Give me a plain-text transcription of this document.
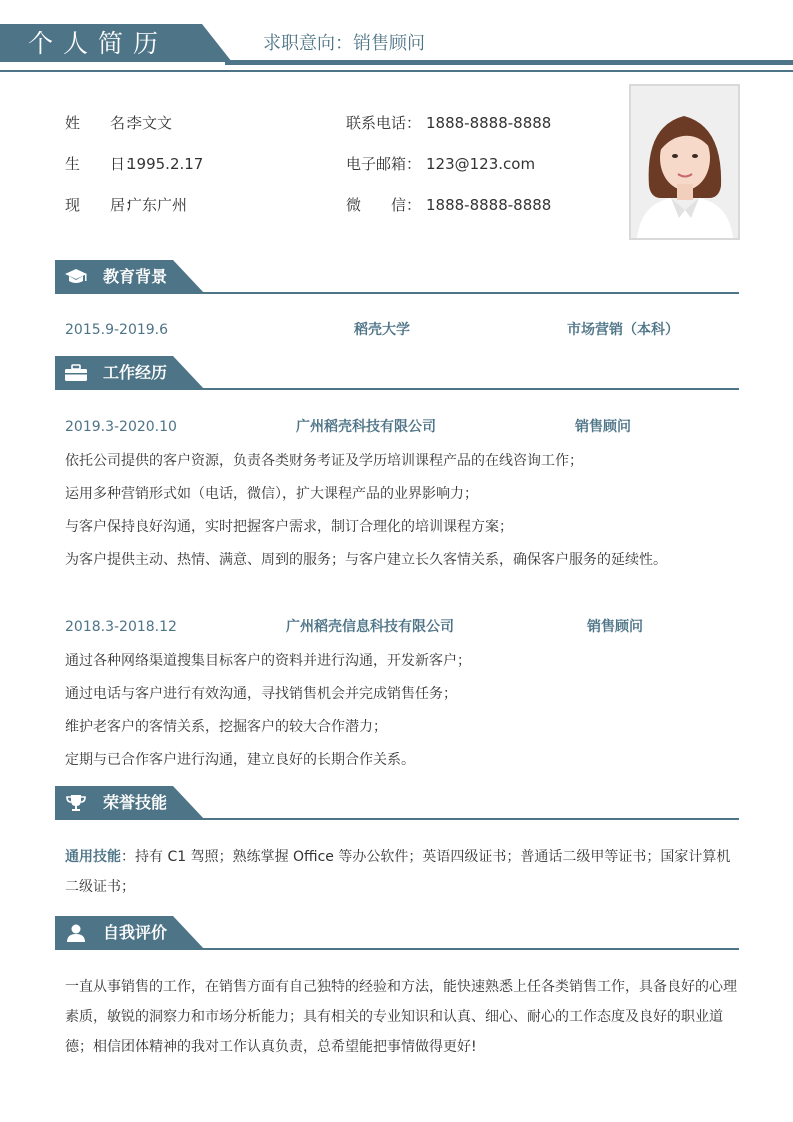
个人简历	求职意向：销售顾问
姓　　名：李文文
生　　日：1995.2.17
现　　居：广东广州
联系电话： 1888-8888-8888
电子邮箱： 123@123.com
微　　信： 1888-8888-8888
教育背景
2015.9-2019.6	稻壳大学	市场营销（本科）
工作经历
2019.3-2020.10	广州稻壳科技有限公司	销售顾问
依托公司提供的客户资源，负责各类财务考证及学历培训课程产品的在线咨询工作；
运用多种营销形式如（电话，微信），扩大课程产品的业界影响力；
与客户保持良好沟通，实时把握客户需求，制订合理化的培训课程方案；
为客户提供主动、热情、满意、周到的服务；与客户建立长久客情关系，确保客户服务的延续性。
2018.3-2018.12	广州稻壳信息科技有限公司	销售顾问
通过各种网络渠道搜集目标客户的资料并进行沟通，开发新客户；
通过电话与客户进行有效沟通，寻找销售机会并完成销售任务；
维护老客户的客情关系，挖掘客户的较大合作潜力；
定期与已合作客户进行沟通，建立良好的长期合作关系。
荣誉技能
通用技能：持有 C1 驾照；熟练掌握 Office 等办公软件；英语四级证书；普通话二级甲等证书；国家计算机二级证书；
自我评价
一直从事销售的工作，在销售方面有自己独特的经验和方法，能快速熟悉上任各类销售工作，具备良好的心理素质，敏锐的洞察力和市场分析能力；具有相关的专业知识和认真、细心、耐心的工作态度及良好的职业道德；相信团体精神的我对工作认真负责，总希望能把事情做得更好!
